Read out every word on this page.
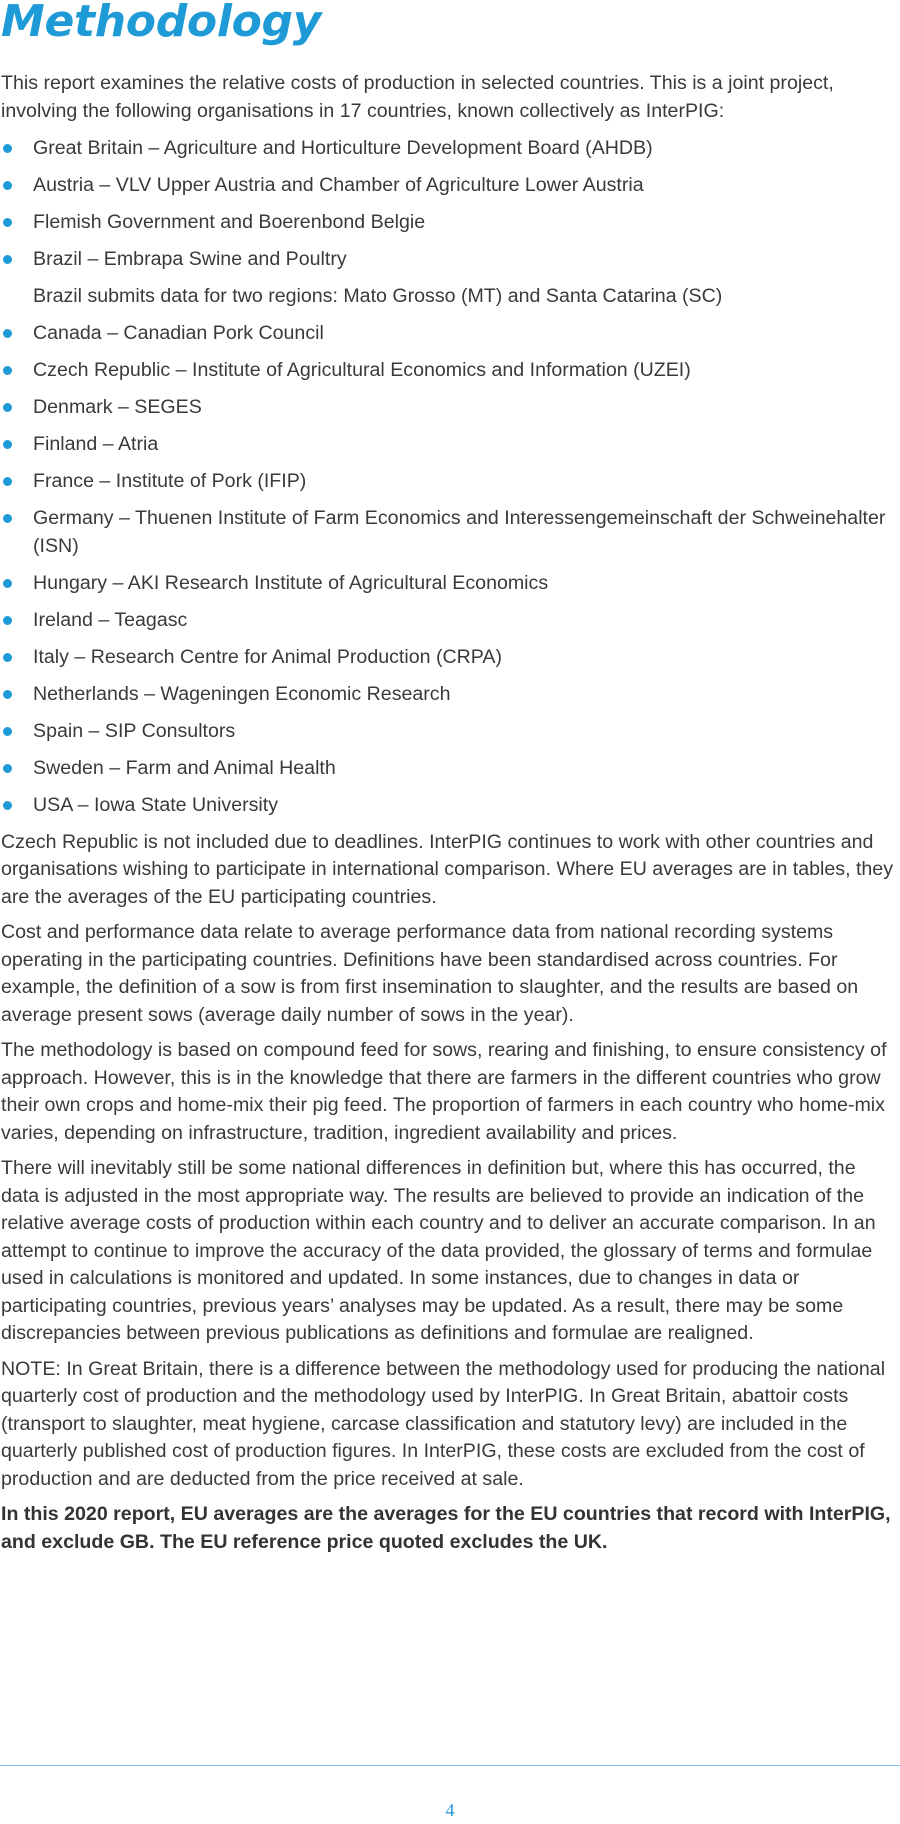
Methodology

This report examines the relative costs of production in selected countries. This is a joint project, involving the following organisations in 17 countries, known collectively as InterPIG:

Great Britain – Agriculture and Horticulture Development Board (AHDB)
Austria – VLV Upper Austria and Chamber of Agriculture Lower Austria
Flemish Government and Boerenbond Belgie
Brazil – Embrapa Swine and Poultry
Brazil submits data for two regions: Mato Grosso (MT) and Santa Catarina (SC)
Canada – Canadian Pork Council
Czech Republic – Institute of Agricultural Economics and Information (UZEI)
Denmark – SEGES
Finland – Atria
France – Institute of Pork (IFIP)
Germany – Thuenen Institute of Farm Economics and Interessengemeinschaft der Schweinehalter (ISN)
Hungary – AKI Research Institute of Agricultural Economics
Ireland – Teagasc
Italy – Research Centre for Animal Production (CRPA)
Netherlands – Wageningen Economic Research
Spain – SIP Consultors
Sweden – Farm and Animal Health
USA – Iowa State University

Czech Republic is not included due to deadlines. InterPIG continues to work with other countries and organisations wishing to participate in international comparison. Where EU averages are in tables, they are the averages of the EU participating countries.

Cost and performance data relate to average performance data from national recording systems operating in the participating countries. Definitions have been standardised across countries. For example, the definition of a sow is from first insemination to slaughter, and the results are based on average present sows (average daily number of sows in the year).

The methodology is based on compound feed for sows, rearing and finishing, to ensure consistency of approach. However, this is in the knowledge that there are farmers in the different countries who grow their own crops and home-mix their pig feed. The proportion of farmers in each country who home-mix varies, depending on infrastructure, tradition, ingredient availability and prices.

There will inevitably still be some national differences in definition but, where this has occurred, the data is adjusted in the most appropriate way. The results are believed to provide an indication of the relative average costs of production within each country and to deliver an accurate comparison. In an attempt to continue to improve the accuracy of the data provided, the glossary of terms and formulae used in calculations is monitored and updated. In some instances, due to changes in data or participating countries, previous years’ analyses may be updated. As a result, there may be some discrepancies between previous publications as definitions and formulae are realigned.

NOTE: In Great Britain, there is a difference between the methodology used for producing the national quarterly cost of production and the methodology used by InterPIG. In Great Britain, abattoir costs (transport to slaughter, meat hygiene, carcase classification and statutory levy) are included in the quarterly published cost of production figures. In InterPIG, these costs are excluded from the cost of production and are deducted from the price received at sale.

In this 2020 report, EU averages are the averages for the EU countries that record with InterPIG, and exclude GB. The EU reference price quoted excludes the UK.

4
